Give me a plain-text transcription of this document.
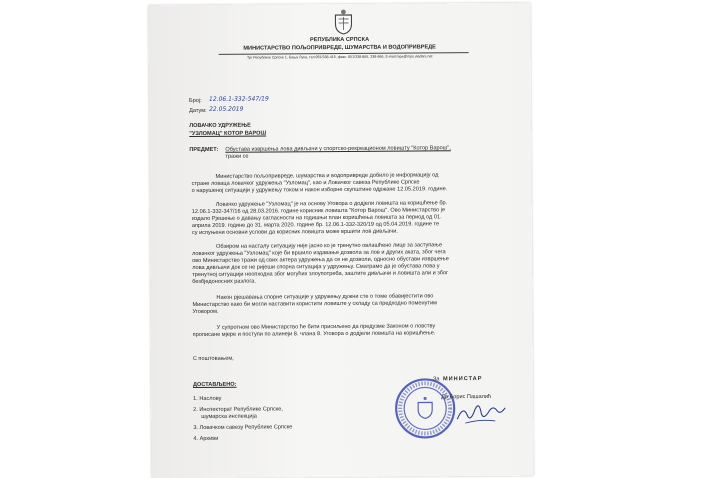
РЕПУБЛИКА СРПСКА
МИНИСТАРСТВО ПОЉОПРИВРЕДЕ, ШУМАРСТВА И ВОДОПРИВРЕДЕ
Трг Републике Српске 1, Бања Лука, тел:051/338-415, факс: 051/338-865, 338-866, E-mail:mps@mps.vladars.net
Број: 12.06.1-332-547/19
Датум: 22.05.2019
ЛОВАЧКО УДРУЖЕЊЕ
"УЗЛОМАЦ" КОТОР ВАРОШ
ПРЕДМЕТ: Обустава извршења лова дивљачи у спортско-рекреационом ловишту "Котор Варош",
тражи се
Министарство пољопривреде, шумарства и водопривреде добило је информацију од
стране ловаца ловачког удружења "Узломац", као и Ловачког савеза Републике Српске
о нарушеној ситуацији у удружењу током и након изборне скупштине одржане 12.05.2019. године.
Ловачко удружење "Узломац" је на основу Уговора о додјели ловишта на коришћење бр.
12.06.1-332-347/16 од 28.03.2016. године корисник ловишта "Котор Варош". Ово Министарство је
издало Рјешење о давању сагласности на годишњи план коришћења ловишта за период од 01.
априла 2019. године до 31. марта 2020. године бр. 12.06.1-332-320/19 од 05.04.2019. године те
су испуњени основни услови да корисник ловишта може вршити лов дивљачи.
Обзиром на насталу ситуацију није јасно ко је тренутно овлашћено лице за заступање
ловачког удружења "Узломац" које би вршило издавање дозвола за лов и других аката, због чега
ово Министарство тражи од свих актера удружења да се не дозволи, односно обустави извршење
лова дивљачи док се не ријеши спорна ситуација у удружењу. Сматрамо да је обустава лова у
тренутној ситуацији неопходна због могућих злоупотреба, заштите дивљачи и ловишта али и због
безбједоносних разлога.
Након рјешавања спорне ситуације у удружењу дужни сте о томе обавијестити ово
Министарство како би могли наставити користити ловиште у складу са предходно поменутим
Уговором.
У супротном ово Министарство ће бити присиљено да предузме Законом о ловству
прописане мјере и поступи по алинеји 8. члана 8. Уговора о додјели ловишта на коришћење.
С поштовањем,
ДОСТАВЉЕНО:
1. Наслову
2. Инспекторат Републике Српске,
шумарска инспекција
3. Ловачком савезу Републике Српске
4. Архиви
За МИНИСТАР
Др Борис Пашалић
